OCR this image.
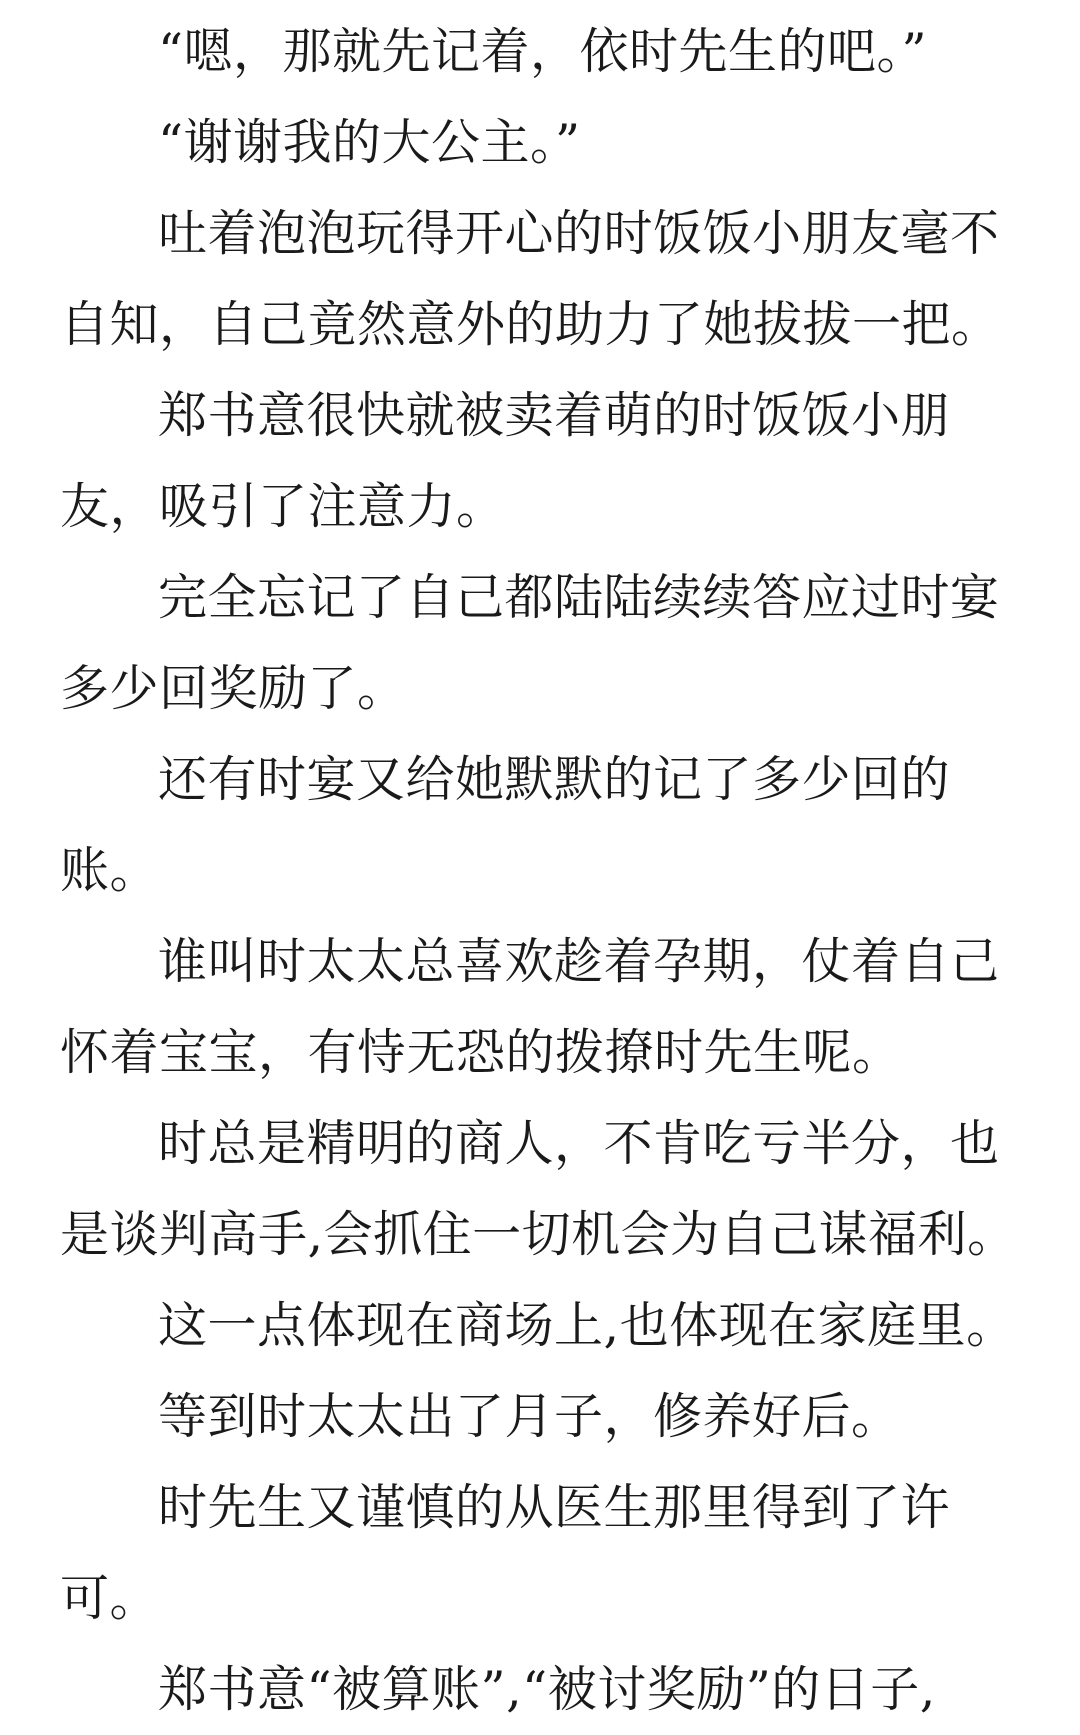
“嗯，那就先记着，依时先生的吧。”

“谢谢我的大公主。”

吐着泡泡玩得开心的时饭饭小朋友毫不自知，自己竟然意外的助力了她拔拔一把。

郑书意很快就被卖着萌的时饭饭小朋友，吸引了注意力。

完全忘记了自己都陆陆续续答应过时宴多少回奖励了。

还有时宴又给她默默的记了多少回的账。

谁叫时太太总喜欢趁着孕期，仗着自己怀着宝宝，有恃无恐的拨撩时先生呢。

时总是精明的商人，不肯吃亏半分，也是谈判高手,会抓住一切机会为自己谋福利。

这一点体现在商场上,也体现在家庭里。

等到时太太出了月子，修养好后。

时先生又谨慎的从医生那里得到了许可。

郑书意“被算账”,“被讨奖励”的日子,
